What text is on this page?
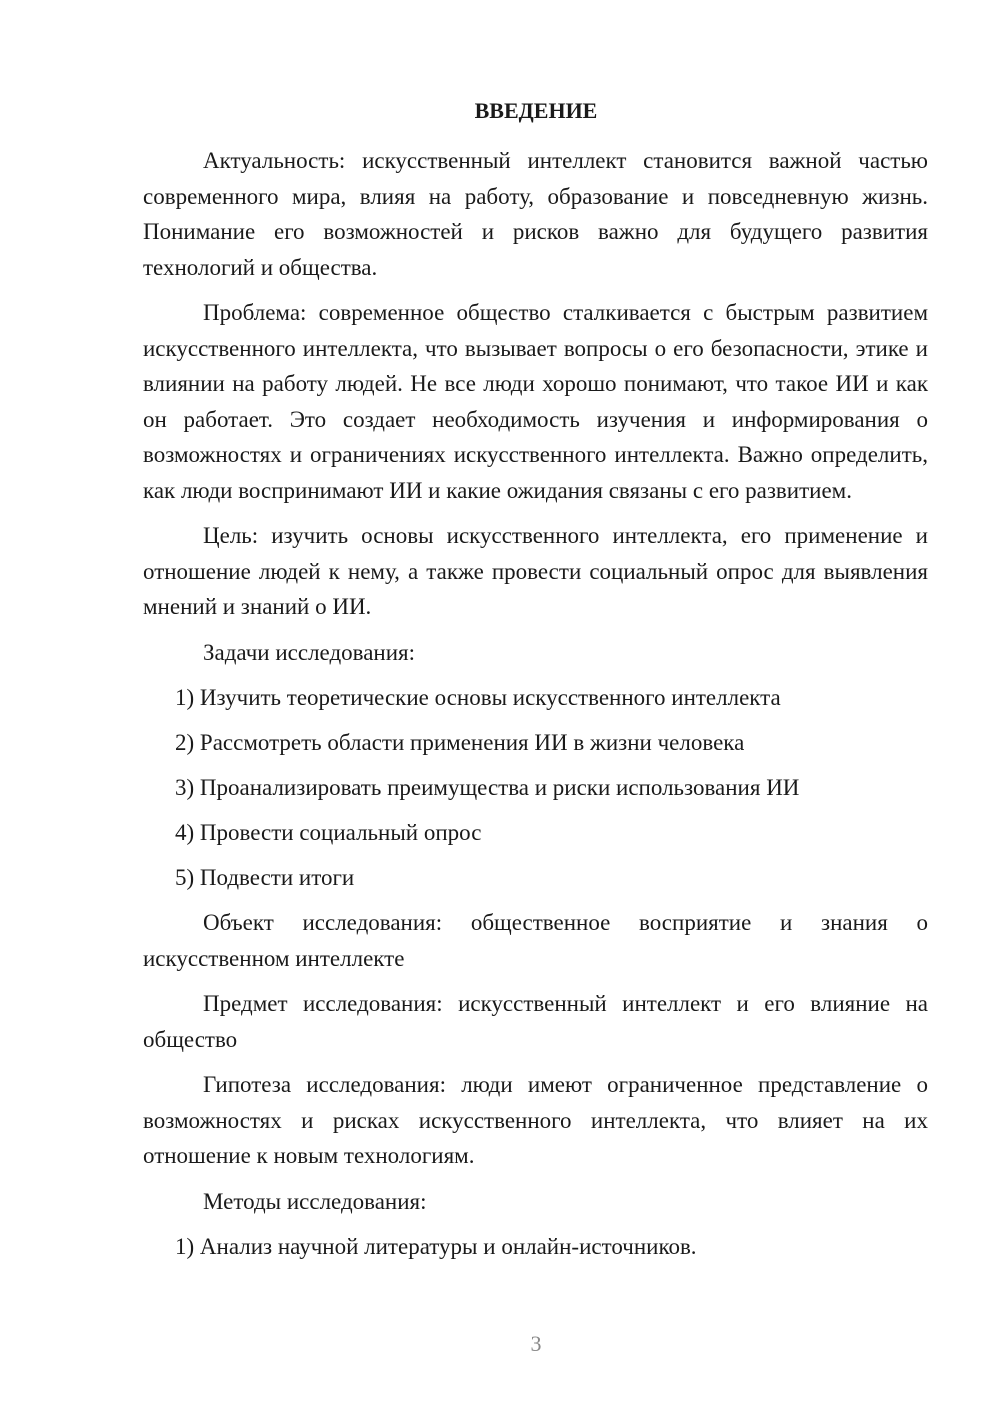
ВВЕДЕНИЕ

Актуальность: искусственный интеллект становится важной частью современного мира, влияя на работу, образование и повседневную жизнь. Понимание его возможностей и рисков важно для будущего развития технологий и общества.

Проблема: современное общество сталкивается с быстрым развитием искусственного интеллекта, что вызывает вопросы о его безопасности, этике и влиянии на работу людей. Не все люди хорошо понимают, что такое ИИ и как он работает. Это создает необходимость изучения и информирования о возможностях и ограничениях искусственного интеллекта. Важно определить, как люди воспринимают ИИ и какие ожидания связаны с его развитием.

Цель: изучить основы искусственного интеллекта, его применение и отношение людей к нему, а также провести социальный опрос для выявления мнений и знаний о ИИ.

Задачи исследования:

1) Изучить теоретические основы искусственного интеллекта
2) Рассмотреть области применения ИИ в жизни человека
3) Проанализировать преимущества и риски использования ИИ
4) Провести социальный опрос
5) Подвести итоги

Объект исследования: общественное восприятие и знания о искусственном интеллекте

Предмет исследования: искусственный интеллект и его влияние на общество

Гипотеза исследования: люди имеют ограниченное представление о возможностях и рисках искусственного интеллекта, что влияет на их отношение к новым технологиям.

Методы исследования:

1) Анализ научной литературы и онлайн-источников.
3
